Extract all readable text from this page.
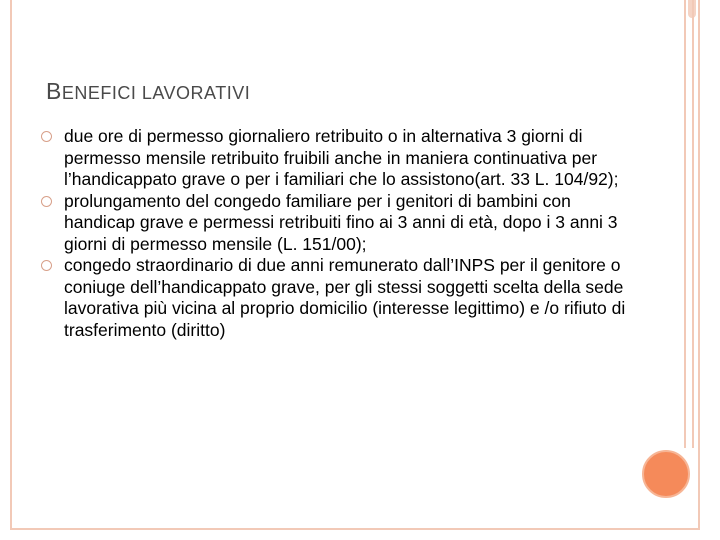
BENEFICI LAVORATIVI
due ore di permesso giornaliero retribuito o in alternativa 3 giorni di permesso mensile retribuito fruibili anche in maniera continuativa per l’handicappato grave o per i familiari che lo assistono(art. 33 L. 104/92);
prolungamento del congedo familiare per i genitori di bambini con handicap grave e permessi retribuiti fino ai 3 anni di età, dopo i 3 anni 3 giorni di permesso mensile (L. 151/00);
congedo straordinario di due anni remunerato dall’INPS per il genitore o coniuge dell’handicappato grave, per gli stessi soggetti scelta della sede lavorativa più vicina al proprio domicilio (interesse legittimo) e /o rifiuto di trasferimento (diritto)
